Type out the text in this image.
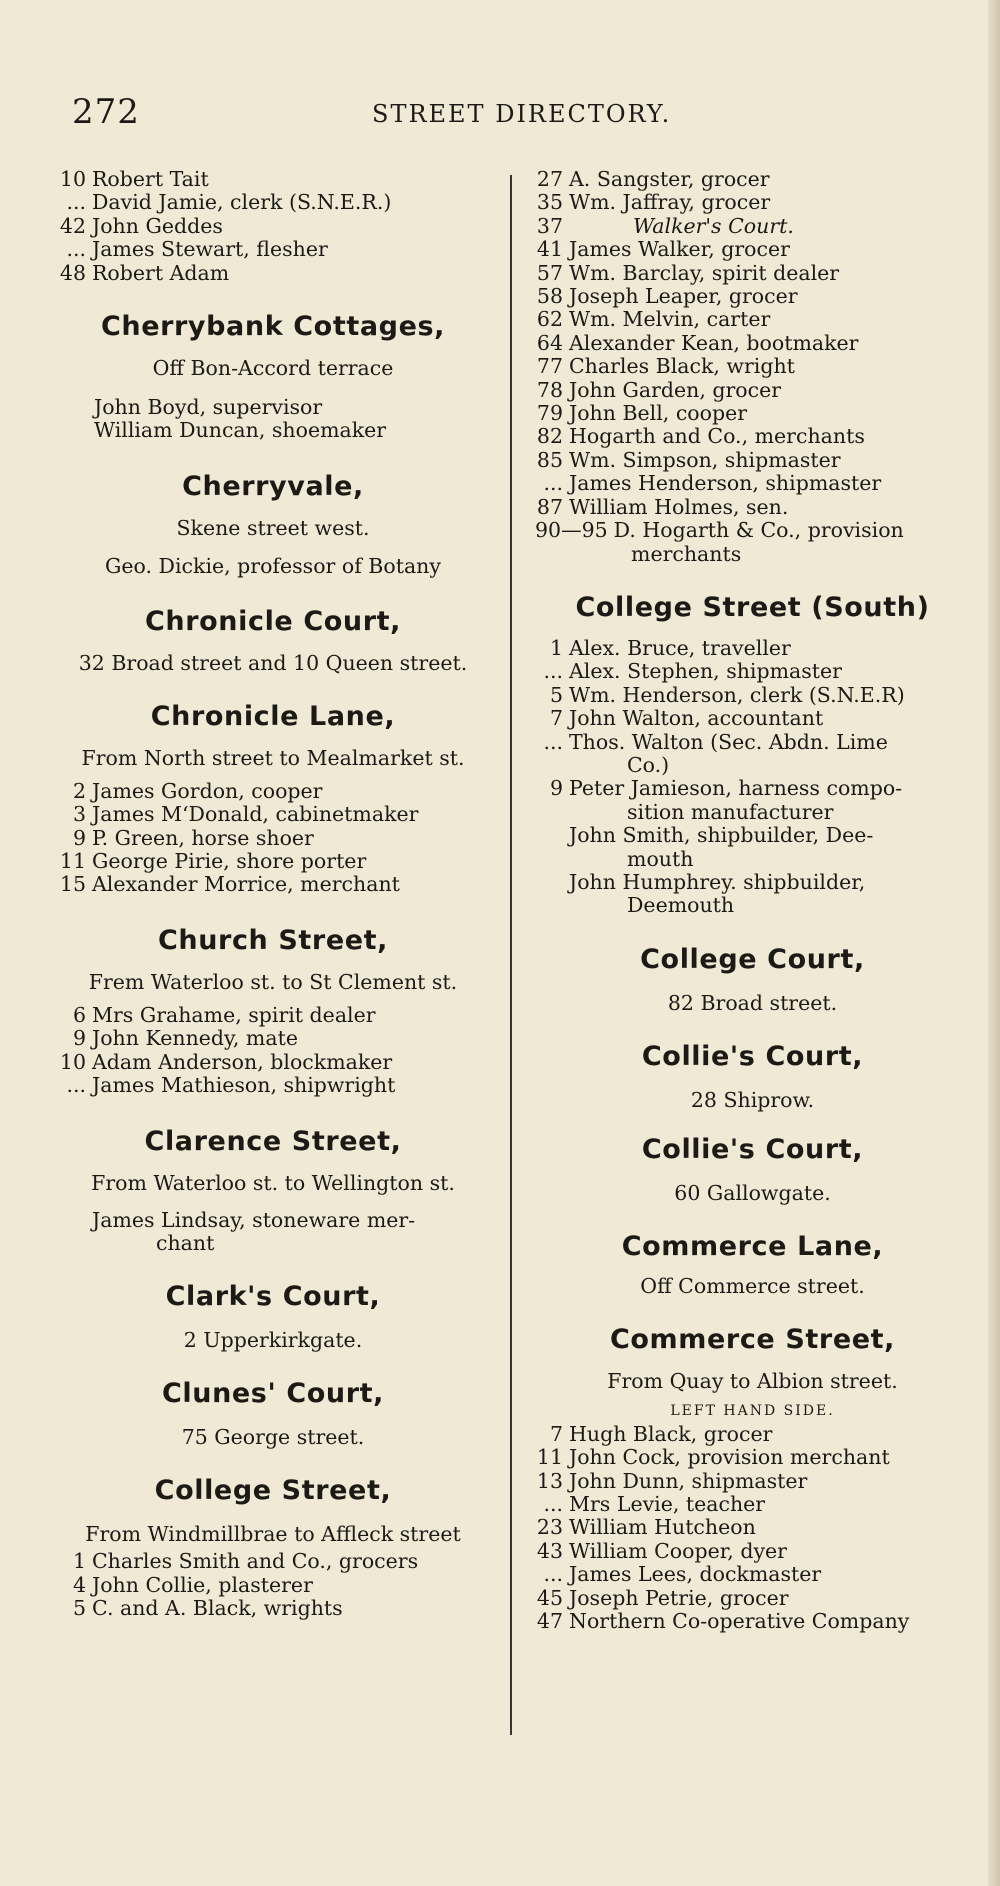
272	STREET DIRECTORY.
10 Robert Tait
... David Jamie, clerk (S.N.E.R.)
42 John Geddes
... James Stewart, flesher
48 Robert Adam
Cherrybank Cottages,

Off Bon-Accord terrace

John Boyd, supervisor
William Duncan, shoemaker
Cherryvale,

Skene street west.

Geo. Dickie, professor of Botany

Chronicle Court,

32 Broad street and 10 Queen street.

Chronicle Lane,

From North street to Mealmarket st.

2 James Gordon, cooper
3 James M‘Donald, cabinetmaker
9 P. Green, horse shoer
11 George Pirie, shore porter
15 Alexander Morrice, merchant
Church Street,

Frem Waterloo st. to St Clement st.

6 Mrs Grahame, spirit dealer
9 John Kennedy, mate
10 Adam Anderson, blockmaker
... James Mathieson, shipwright
Clarence Street,

From Waterloo st. to Wellington st.

James Lindsay, stoneware mer-
chant
Clark's Court,

2 Upperkirkgate.

Clunes' Court,

75 George street.

College Street,

From Windmillbrae to Affleck street

1 Charles Smith and Co., grocers
4 John Collie, plasterer
5 C. and A. Black, wrights
27 A. Sangster, grocer
35 Wm. Jaffray, grocer
37	Walker's Court.
41 James Walker, grocer
57 Wm. Barclay, spirit dealer
58 Joseph Leaper, grocer
62 Wm. Melvin, carter
64 Alexander Kean, bootmaker
77 Charles Black, wright
78 John Garden, grocer
79 John Bell, cooper
82 Hogarth and Co., merchants
85 Wm. Simpson, shipmaster
... James Henderson, shipmaster
87 William Holmes, sen.
90—95 D. Hogarth & Co., provision
merchants
College Street (South)
1 Alex. Bruce, traveller
... Alex. Stephen, shipmaster
5 Wm. Henderson, clerk (S.N.E.R)
7 John Walton, accountant
... Thos. Walton (Sec. Abdn. Lime
Co.)
9 Peter Jamieson, harness compo-
sition manufacturer
John Smith, shipbuilder, Dee-
mouth
John Humphrey. shipbuilder,
Deemouth
College Court,

82 Broad street.

Collie's Court,

28 Shiprow.

Collie's Court,

60 Gallowgate.

Commerce Lane,

Off Commerce street.

Commerce Street,

From Quay to Albion street.

LEFT HAND SIDE.

7 Hugh Black, grocer
11 John Cock, provision merchant
13 John Dunn, shipmaster
... Mrs Levie, teacher
23 William Hutcheon
43 William Cooper, dyer
... James Lees, dockmaster
45 Joseph Petrie, grocer
47 Northern Co-operative Company
